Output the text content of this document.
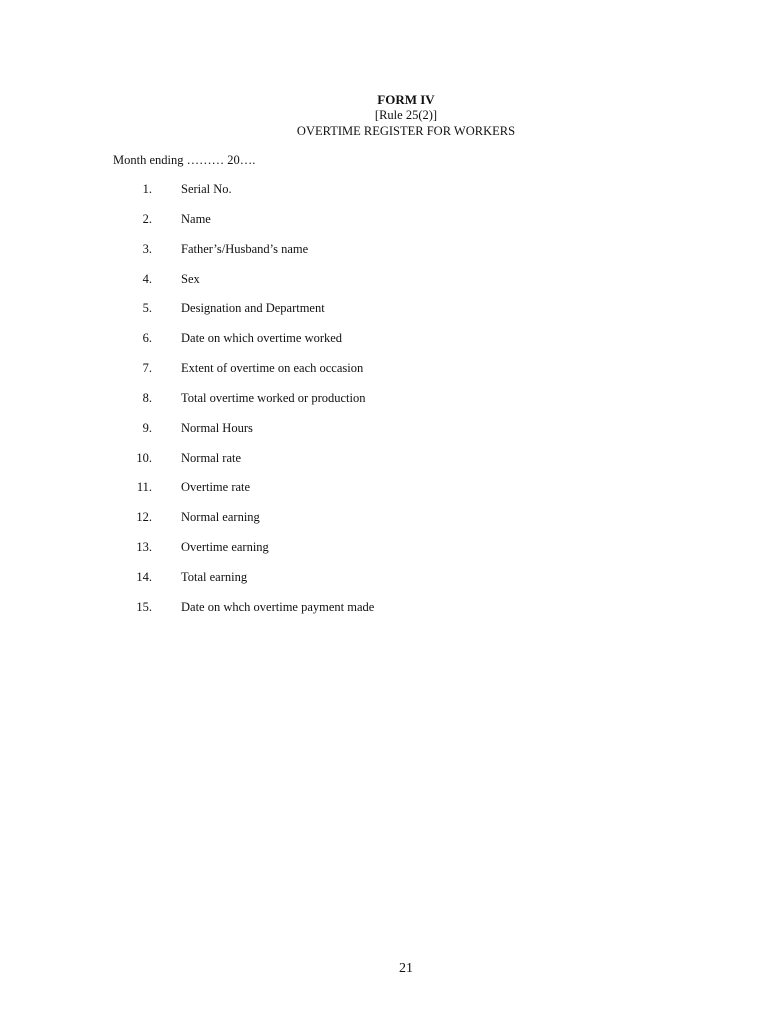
FORM IV
[Rule 25(2)]
OVERTIME REGISTER FOR WORKERS
Month ending ……… 20….
1. Serial No.
2. Name
3. Father’s/Husband’s name
4. Sex
5. Designation and Department
6. Date on which overtime worked
7. Extent of overtime on each occasion
8. Total overtime worked or production
9. Normal Hours
10. Normal rate
11. Overtime rate
12. Normal earning
13. Overtime earning
14. Total earning
15. Date on whch overtime payment made
21
